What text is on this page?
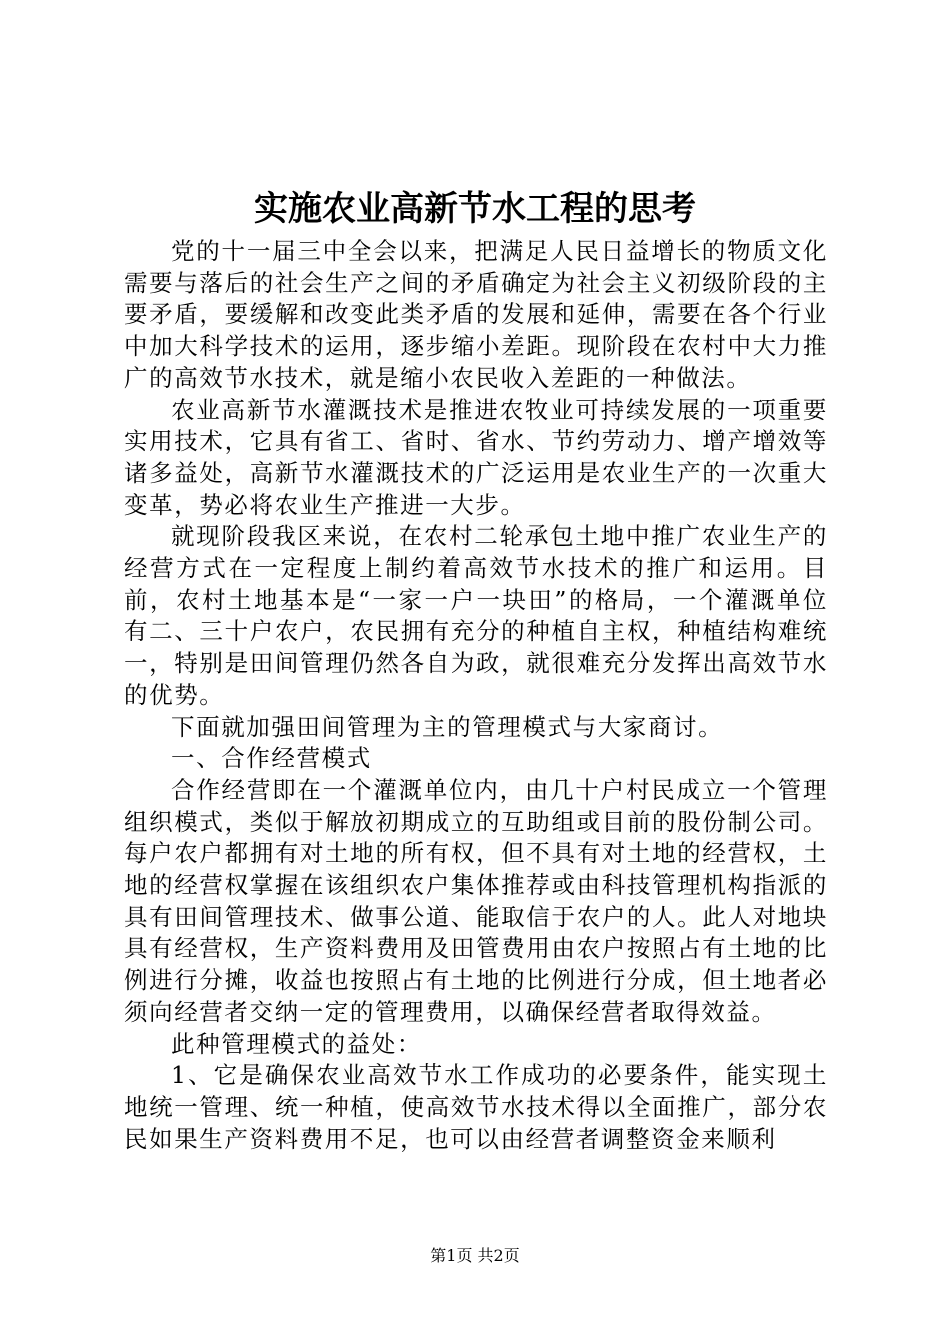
实施农业高新节水工程的思考

党的十一届三中全会以来，把满足人民日益增长的物质文化需要与落后的社会生产之间的矛盾确定为社会主义初级阶段的主要矛盾，要缓解和改变此类矛盾的发展和延伸，需要在各个行业中加大科学技术的运用，逐步缩小差距。现阶段在农村中大力推广的高效节水技术，就是缩小农民收入差距的一种做法。

农业高新节水灌溉技术是推进农牧业可持续发展的一项重要实用技术，它具有省工、省时、省水、节约劳动力、增产增效等诸多益处，高新节水灌溉技术的广泛运用是农业生产的一次重大变革，势必将农业生产推进一大步。

就现阶段我区来说，在农村二轮承包土地中推广农业生产的经营方式在一定程度上制约着高效节水技术的推广和运用。目前，农村土地基本是“一家一户一块田”的格局，一个灌溉单位有二、三十户农户，农民拥有充分的种植自主权，种植结构难统一，特别是田间管理仍然各自为政，就很难充分发挥出高效节水的优势。

下面就加强田间管理为主的管理模式与大家商讨。

一、合作经营模式

合作经营即在一个灌溉单位内，由几十户村民成立一个管理组织模式，类似于解放初期成立的互助组或目前的股份制公司。每户农户都拥有对土地的所有权，但不具有对土地的经营权，土地的经营权掌握在该组织农户集体推荐或由科技管理机构指派的具有田间管理技术、做事公道、能取信于农户的人。此人对地块具有经营权，生产资料费用及田管费用由农户按照占有土地的比例进行分摊，收益也按照占有土地的比例进行分成，但土地者必须向经营者交纳一定的管理费用，以确保经营者取得效益。

此种管理模式的益处：

1、它是确保农业高效节水工作成功的必要条件，能实现土地统一管理、统一种植，使高效节水技术得以全面推广，部分农民如果生产资料费用不足，也可以由经营者调整资金来顺利

第1页 共2页
